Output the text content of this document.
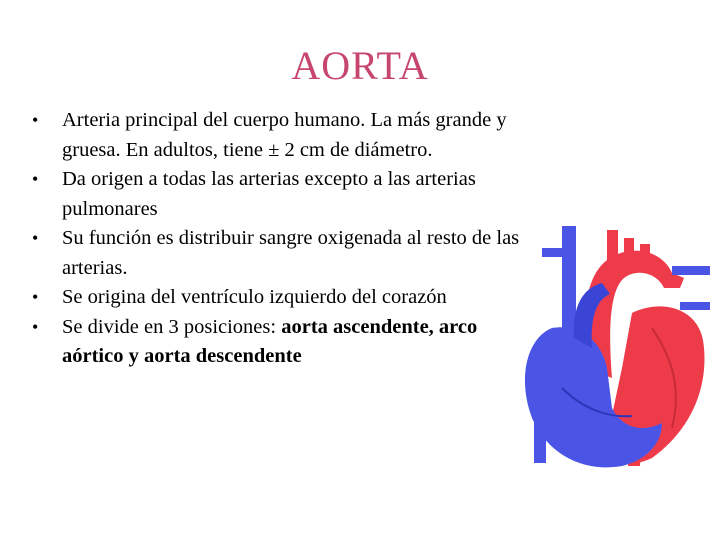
AORTA
• Arteria principal del cuerpo humano. La más grande y gruesa. En adultos, tiene ± 2 cm de diámetro.
• Da origen a todas las arterias excepto a las arterias pulmonares
• Su función es distribuir sangre oxigenada al resto de las arterias.
• Se origina del ventrículo izquierdo del corazón
• Se divide en 3 posiciones: aorta ascendente, arco aórtico y aorta descendente
